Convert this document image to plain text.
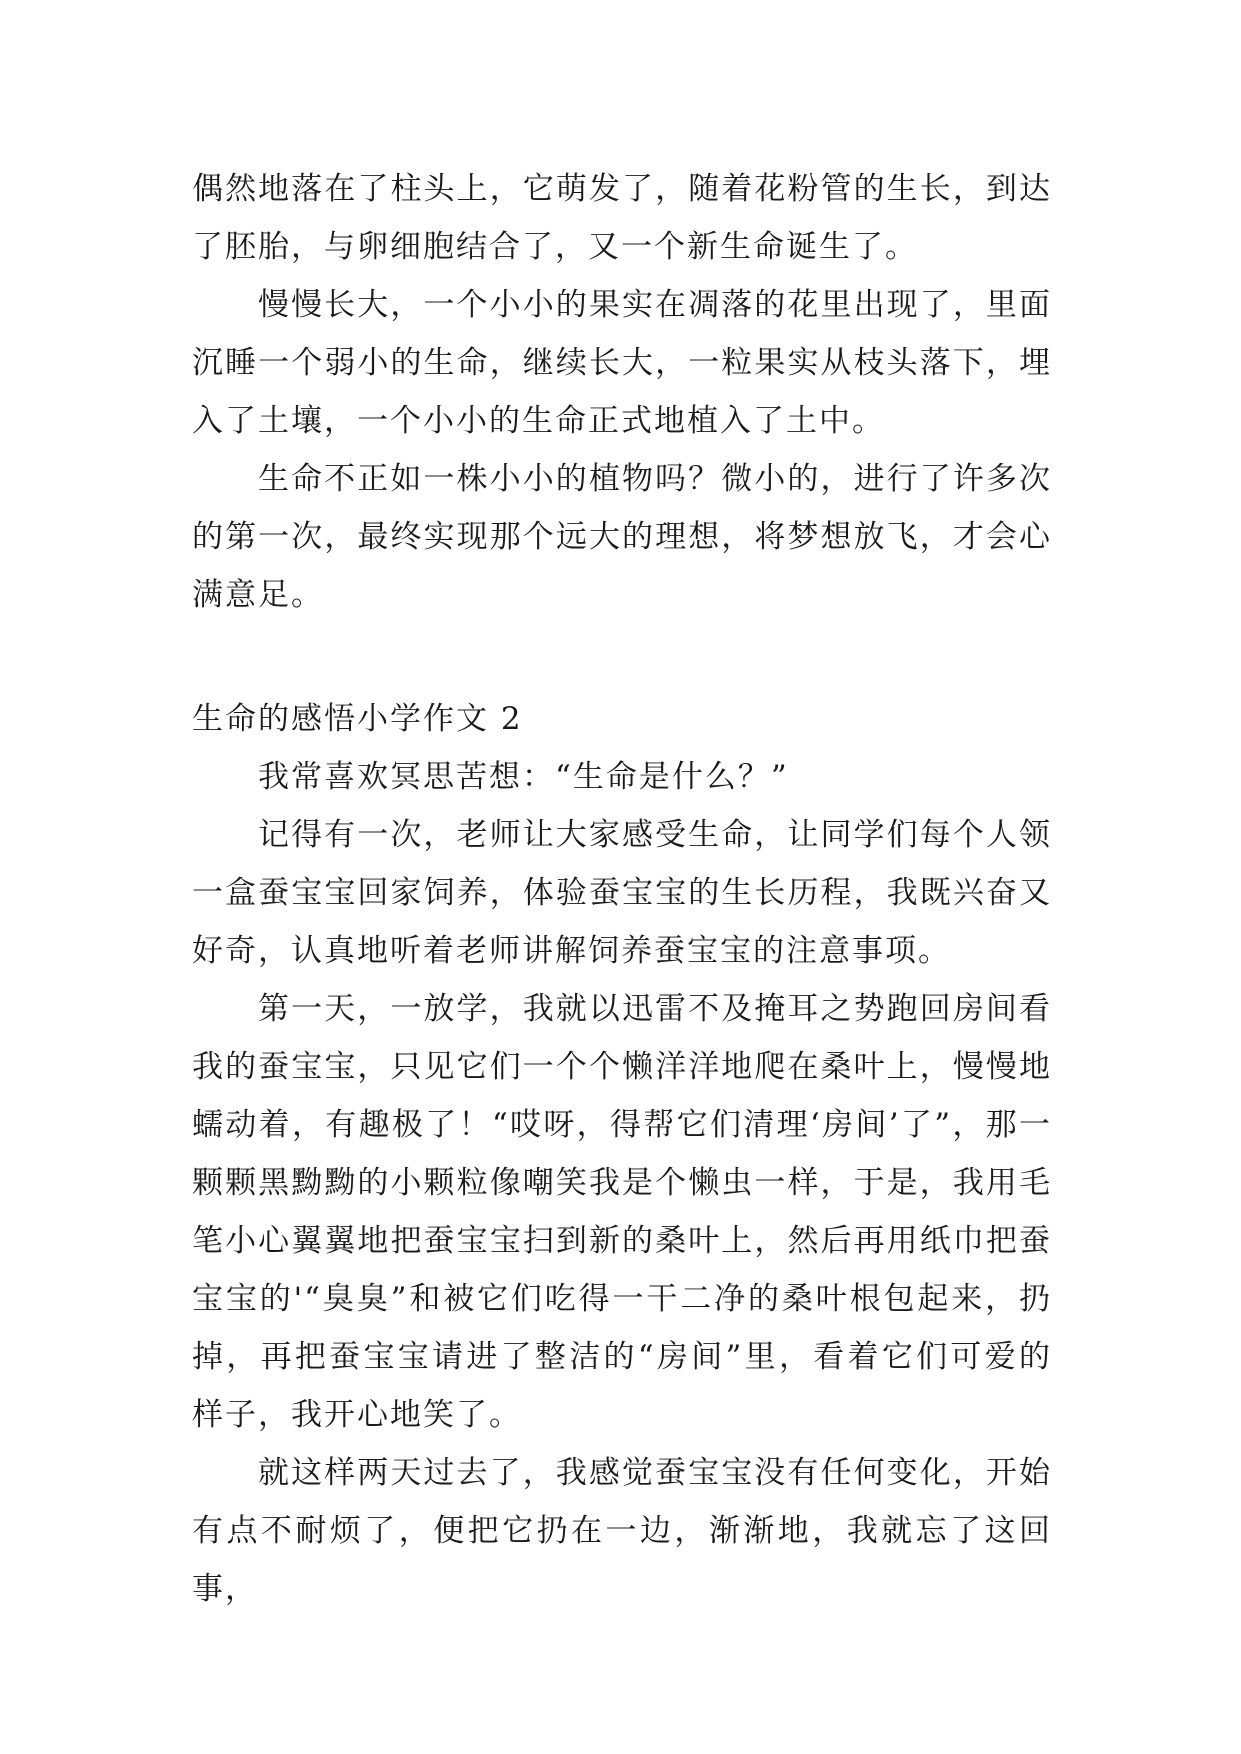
偶然地落在了柱头上，它萌发了，随着花粉管的生长，到达了胚胎，与卵细胞结合了，又一个新生命诞生了。

慢慢长大，一个小小的果实在凋落的花里出现了，里面沉睡一个弱小的生命，继续长大，一粒果实从枝头落下，埋入了土壤，一个小小的生命正式地植入了土中。

生命不正如一株小小的植物吗？微小的，进行了许多次的第一次，最终实现那个远大的理想，将梦想放飞，才会心满意足。

生命的感悟小学作文 2

我常喜欢冥思苦想：“生命是什么？”

记得有一次，老师让大家感受生命，让同学们每个人领一盒蚕宝宝回家饲养，体验蚕宝宝的生长历程，我既兴奋又好奇，认真地听着老师讲解饲养蚕宝宝的注意事项。

第一天，一放学，我就以迅雷不及掩耳之势跑回房间看我的蚕宝宝，只见它们一个个懒洋洋地爬在桑叶上，慢慢地蠕动着，有趣极了！“哎呀，得帮它们清理‘房间’了”，那一颗颗黑黝黝的小颗粒像嘲笑我是个懒虫一样，于是，我用毛笔小心翼翼地把蚕宝宝扫到新的桑叶上，然后再用纸巾把蚕宝宝的'“臭臭”和被它们吃得一干二净的桑叶根包起来，扔掉，再把蚕宝宝请进了整洁的“房间”里，看着它们可爱的样子，我开心地笑了。

就这样两天过去了，我感觉蚕宝宝没有任何变化，开始有点不耐烦了，便把它扔在一边，渐渐地，我就忘了这回事，
